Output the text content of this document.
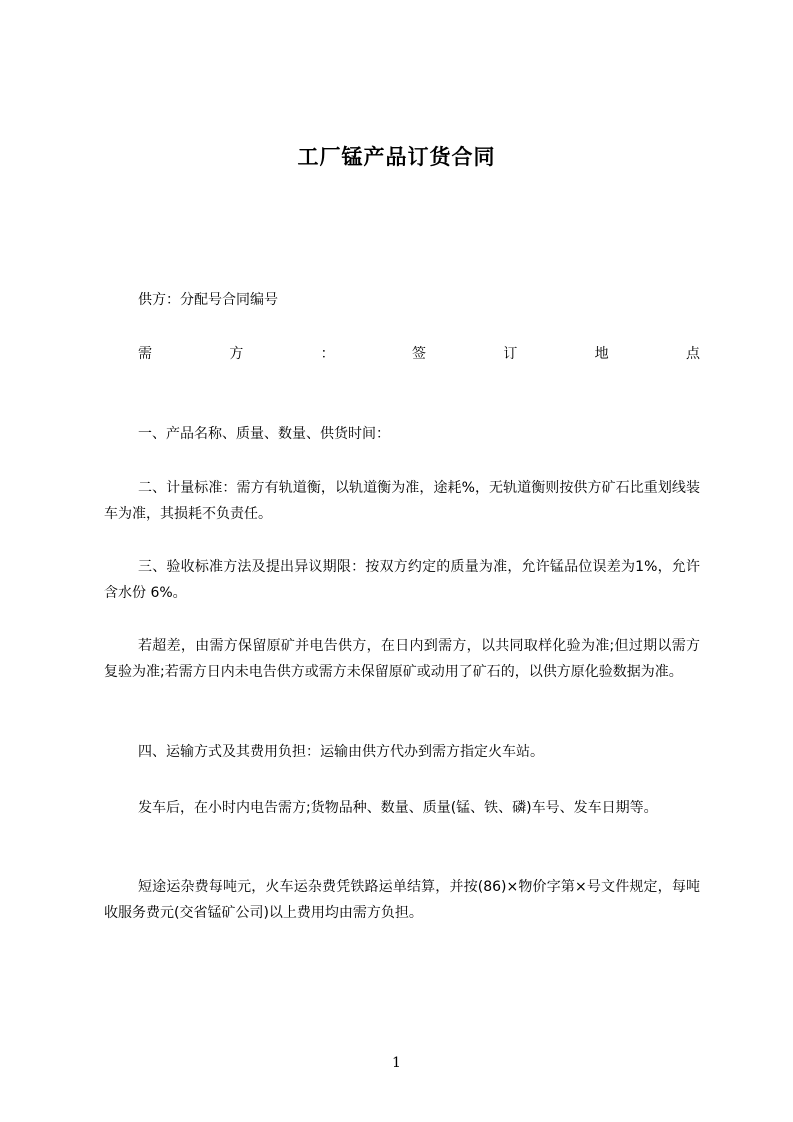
工厂锰产品订货合同
供方：分配号合同编号
需	方	：	签	订	地	点
一、产品名称、质量、数量、供货时间：
二、计量标准：需方有轨道衡，以轨道衡为准，途耗%，无轨道衡则按供方矿石比重划线装车为准，其损耗不负责任。
三、验收标准方法及提出异议期限：按双方约定的质量为准，允许锰品位误差为1%，允许含水份 6%。
若超差，由需方保留原矿并电告供方，在日内到需方，以共同取样化验为准;但过期以需方复验为准;若需方日内未电告供方或需方未保留原矿或动用了矿石的，以供方原化验数据为准。
四、运输方式及其费用负担：运输由供方代办到需方指定火车站。
发车后，在小时内电告需方;货物品种、数量、质量(锰、铁、磷)车号、发车日期等。
短途运杂费每吨元，火车运杂费凭铁路运单结算，并按(86)×物价字第×号文件规定，每吨收服务费元(交省锰矿公司)以上费用均由需方负担。
1
